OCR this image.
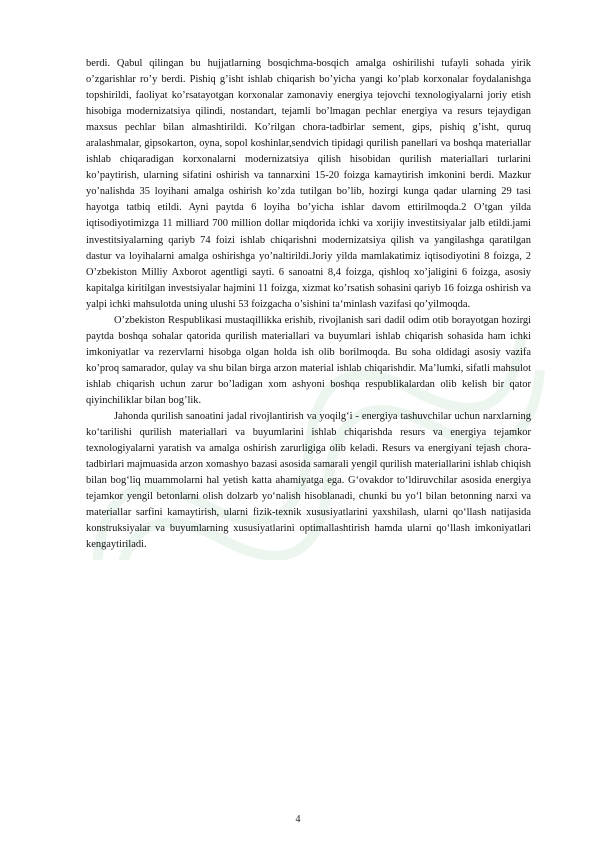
berdi. Qabul qilingan bu hujjatlarning bosqichma-bosqich amalga oshirilishi tufayli sohada yirik o’zgarishlar ro’y berdi. Pishiq g’isht ishlab chiqarish bo’yicha yangi ko’plab korxonalar foydalanishga topshirildi, faoliyat ko’rsatayotgan korxonalar zamonaviy energiya tejovchi texnologiyalarni joriy etish hisobiga modernizatsiya qilindi, nostandart, tejamli bo’lmagan pechlar energiya va resurs tejaydigan maxsus pechlar bilan almashtirildi. Ko’rilgan chora-tadbirlar sement, gips, pishiq g’isht, quruq aralashmalar, gipsokarton, oyna, sopol koshinlar,sendvich tipidagi qurilish panellari va boshqa materiallar ishlab chiqaradigan korxonalarni modernizatsiya qilish hisobidan qurilish materiallari turlarini ko’paytirish, ularning sifatini oshirish va tannarxini 15-20 foizga kamaytirish imkonini berdi. Mazkur yo’nalishda 35 loyihani amalga oshirish ko’zda tutilgan bo’lib, hozirgi kunga qadar ularning 29 tasi hayotga tatbiq etildi. Ayni paytda 6 loyiha bo’yicha ishlar davom ettirilmoqda.2 O’tgan yilda iqtisodiyotimizga 11 milliard 700 million dollar miqdorida ichki va xorijiy investitsiyalar jalb etildi.jami investitsiyalarning qariyb 74 foizi ishlab chiqarishni modernizatsiya qilish va yangilashga qaratilgan dastur va loyihalarni amalga oshirishga yo’naltirildi.Joriy yilda mamlakatimiz iqtisodiyotini 8 foizga, 2 O’zbekiston Milliy Axborot agentligi sayti. 6 sanoatni 8,4 foizga, qishloq xo’jaligini 6 foizga, asosiy kapitalga kiritilgan investsiyalar hajmini 11 foizga, xizmat ko’rsatish sohasini qariyb 16 foizga oshirish va yalpi ichki mahsulotda uning ulushi 53 foizgacha o’sishini ta‘minlash vazifasi qo’yilmoqda.

O’zbekiston Respublikasi mustaqillikka erishib, rivojlanish sari dadil odim otib borayotgan hozirgi paytda boshqa sohalar qatorida qurilish materiallari va buyumlari ishlab chiqarish sohasida ham ichki imkoniyatlar va rezervlarni hisobga olgan holda ish olib borilmoqda. Bu soha oldidagi asosiy vazifa ko’proq samarador, qulay va shu bilan birga arzon material ishlab chiqarishdir. Ma’lumki, sifatli mahsulot ishlab chiqarish uchun zarur bo’ladigan xom ashyoni boshqa respublikalardan olib kelish bir qator qiyinchiliklar bilan bog’lik.

Jahonda qurilish sanoatini jadal rivojlantirish va yoqilg‘i - energiya tashuvchilar uchun narxlarning ko‘tarilishi qurilish materiallari va buyumlarini ishlab chiqarishda resurs va energiya tejamkor texnologiyalarni yaratish va amalga oshirish zarurligiga olib keladi. Resurs va energiyani tejash chora-tadbirlari majmuasida arzon xomashyo bazasi asosida samarali yengil qurilish materiallarini ishlab chiqish bilan bog‘liq muammolarni hal yetish katta ahamiyatga ega. G‘ovakdor to‘ldiruvchilar asosida energiya tejamkor yengil betonlarni olish dolzarb yo‘nalish hisoblanadi, chunki bu yo‘l bilan betonning narxi va materiallar sarfini kamaytirish, ularni fizik-texnik xususiyatlarini yaxshilash, ularni qo‘llash natijasida konstruksiyalar va buyumlarning xususiyatlarini optimallashtirish hamda ularni qo‘llash imkoniyatlari kengaytiriladi.

4
